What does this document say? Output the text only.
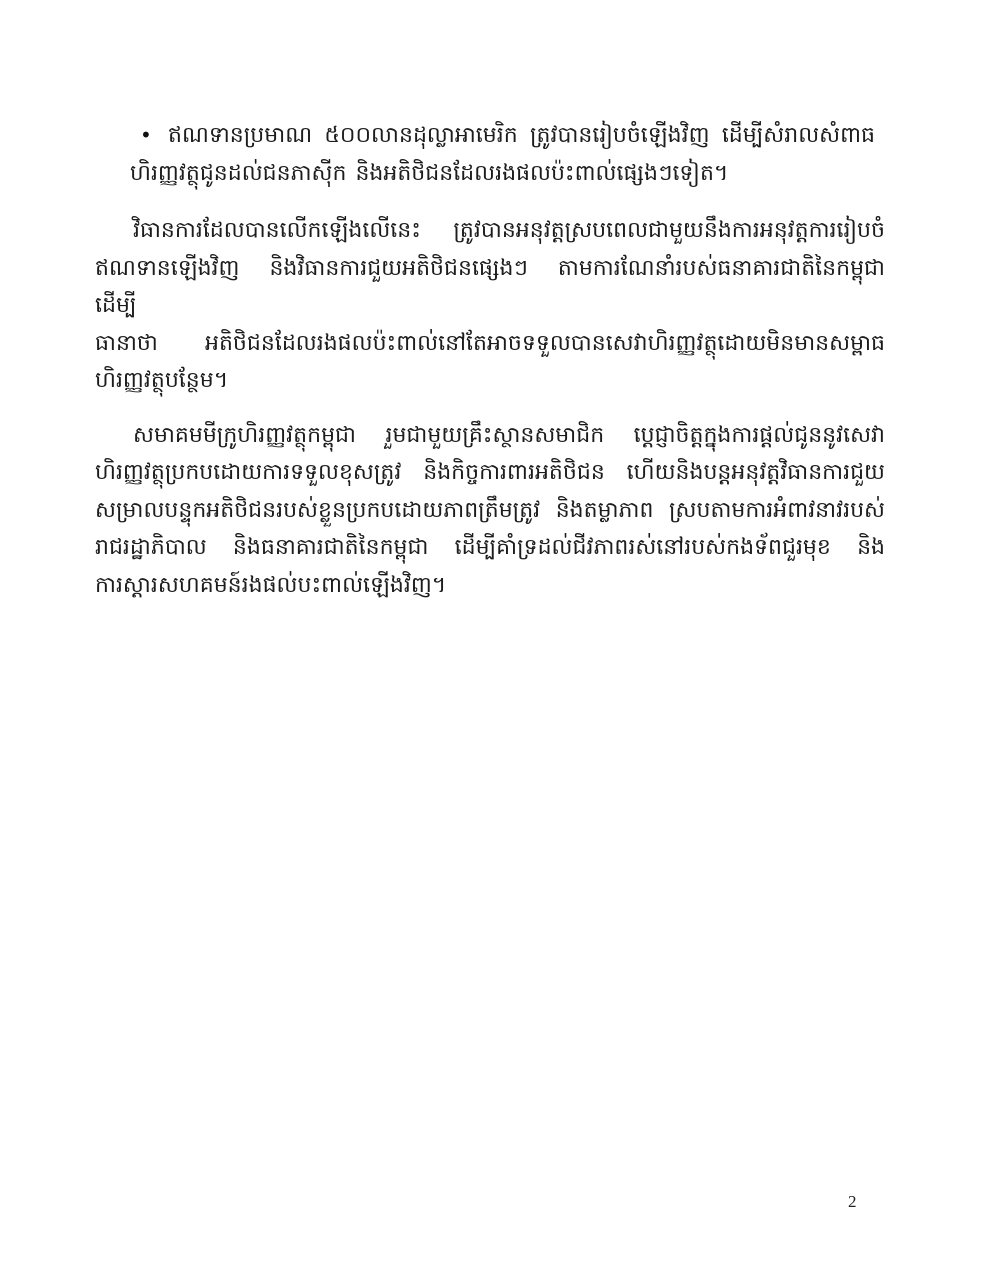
• ឥណទានប្រមាណ ៥០០លានដុល្លាអាមេរិក ត្រូវបានរៀបចំឡើងវិញ ដើម្បីសំរាលសំពាធ
ហិរញ្ញវត្ថុជូនដល់ជនភាស៊ីក និងអតិថិជនដែលរងផលប៉ះពាល់ផ្សេងៗទៀត។
វិធានការដែលបានលើកឡើងលើនេះ ត្រូវបានអនុវត្តស្របពេលជាមួយនឹងការអនុវត្តការរៀបចំ
ឥណទានឡើងវិញ និងវិធានការជួយអតិថិជនផ្សេងៗ តាមការណែនាំរបស់ធនាគារជាតិនៃកម្ពុជា ដើម្បី
ធានាថា អតិថិជនដែលរងផលប៉ះពាល់នៅតែអាចទទួលបានសេវាហិរញ្ញវត្ថុដោយមិនមានសម្ពាធ
ហិរញ្ញវត្ថុបន្ថែម។
សមាគមមីក្រូហិរញ្ញវត្ថុកម្ពុជា រួមជាមួយគ្រឹះស្ថានសមាជិក ប្ដេជ្ញាចិត្តក្នុងការផ្ដល់ជូននូវសេវា
ហិរញ្ញវត្ថុប្រកបដោយការទទួលខុសត្រូវ និងកិច្ចការពារអតិថិជន ហើយនិងបន្តអនុវត្តវិធានការជួយ
សម្រាលបន្ទុកអតិថិជនរបស់ខ្លួនប្រកបដោយភាពត្រឹមត្រូវ និងតម្លាភាព ស្របតាមការអំពាវនាវរបស់
រាជរដ្ឋាភិបាល និងធនាគារជាតិនៃកម្ពុជា ដើម្បីគាំទ្រដល់ជីវភាពរស់នៅរបស់កងទ័ពជួរមុខ និង
ការស្ដារសហគមន៍រងផល់បះពាល់ឡើងវិញ។
2
